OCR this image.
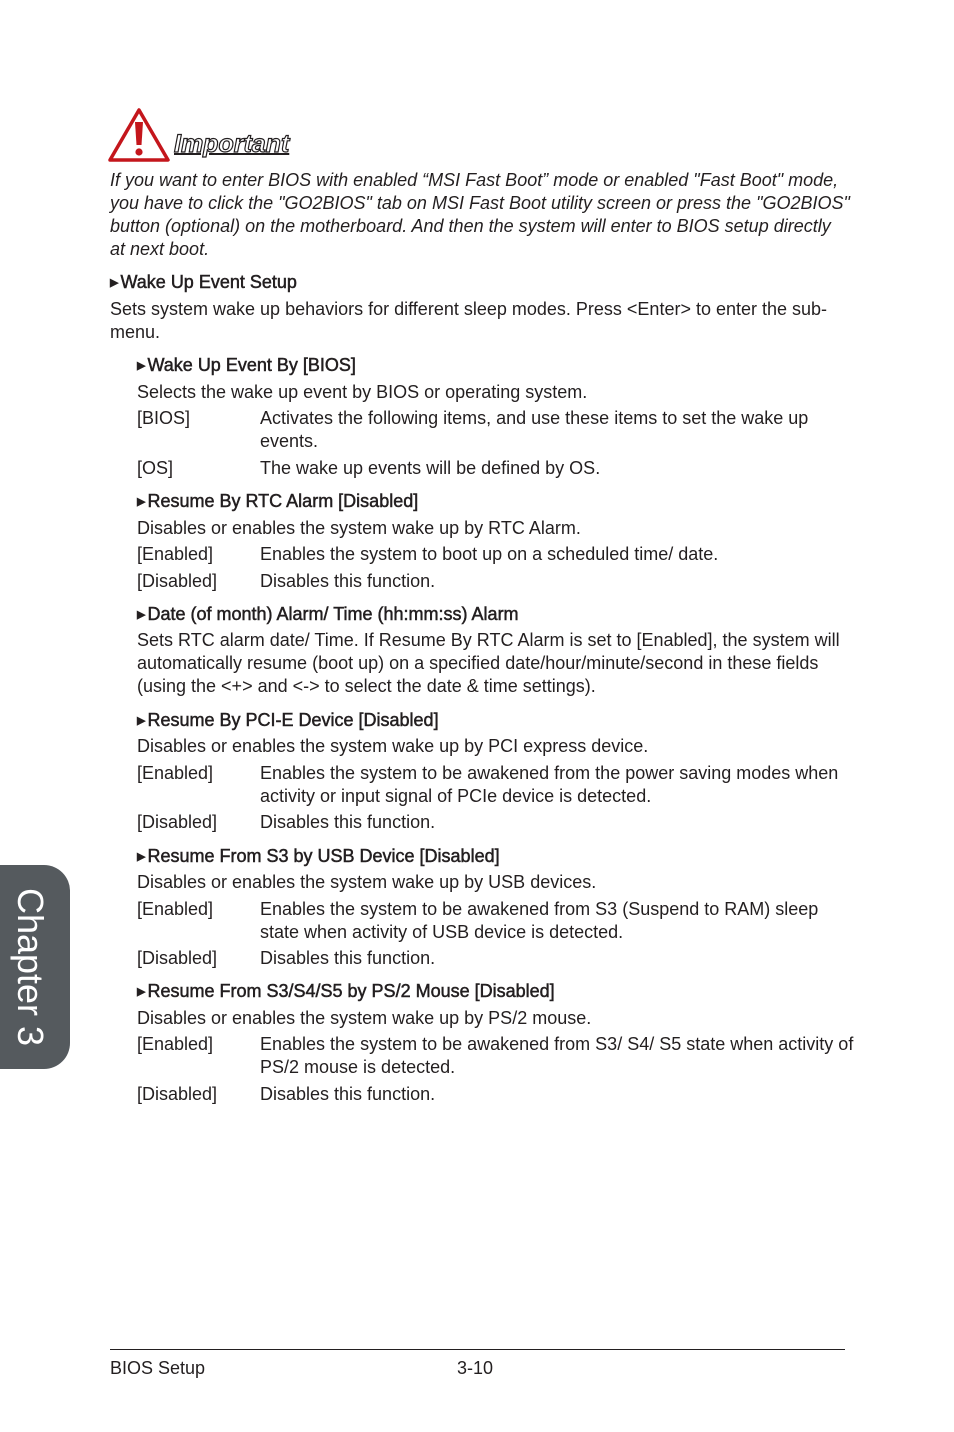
Important
If you want to enter BIOS with enabled “MSI Fast Boot” mode or enabled "Fast Boot" mode, you have to click the "GO2BIOS" tab on MSI Fast Boot utility screen or press the "GO2BIOS" button (optional) on the motherboard. And then the system will enter to BIOS setup directly at next boot.
▶ Wake Up Event Setup
Sets system wake up behaviors for different sleep modes. Press <Enter> to enter the sub-menu.
▶ Wake Up Event By [BIOS]
Selects the wake up event by BIOS or operating system.
[BIOS]	Activates the following items, and use these items to set the wake up events.
[OS]	The wake up events will be defined by OS.
▶ Resume By RTC Alarm [Disabled]
Disables or enables the system wake up by RTC Alarm.
[Enabled]	Enables the system to boot up on a scheduled time/ date.
[Disabled] Disables this function.
▶ Date (of month) Alarm/ Time (hh:mm:ss) Alarm
Sets RTC alarm date/ Time. If Resume By RTC Alarm is set to [Enabled], the system will automatically resume (boot up) on a specified date/hour/minute/second in these fields (using the <+> and <-> to select the date & time settings).
▶ Resume By PCI-E Device [Disabled]
Disables or enables the system wake up by PCI express device.
[Enabled]	Enables the system to be awakened from the power saving modes when activity or input signal of PCIe device is detected.
[Disabled] Disables this function.
▶ Resume From S3 by USB Device [Disabled]
Disables or enables the system wake up by USB devices.
[Enabled]	Enables the system to be awakened from S3 (Suspend to RAM) sleep state when activity of USB device is detected.
[Disabled] Disables this function.
▶ Resume From S3/S4/S5 by PS/2 Mouse [Disabled]
Disables or enables the system wake up by PS/2 mouse.
[Enabled]	Enables the system to be awakened from S3/ S4/ S5 state when activity of PS/2 mouse is detected.
[Disabled] Disables this function.
Chapter 3
BIOS Setup	3-10
